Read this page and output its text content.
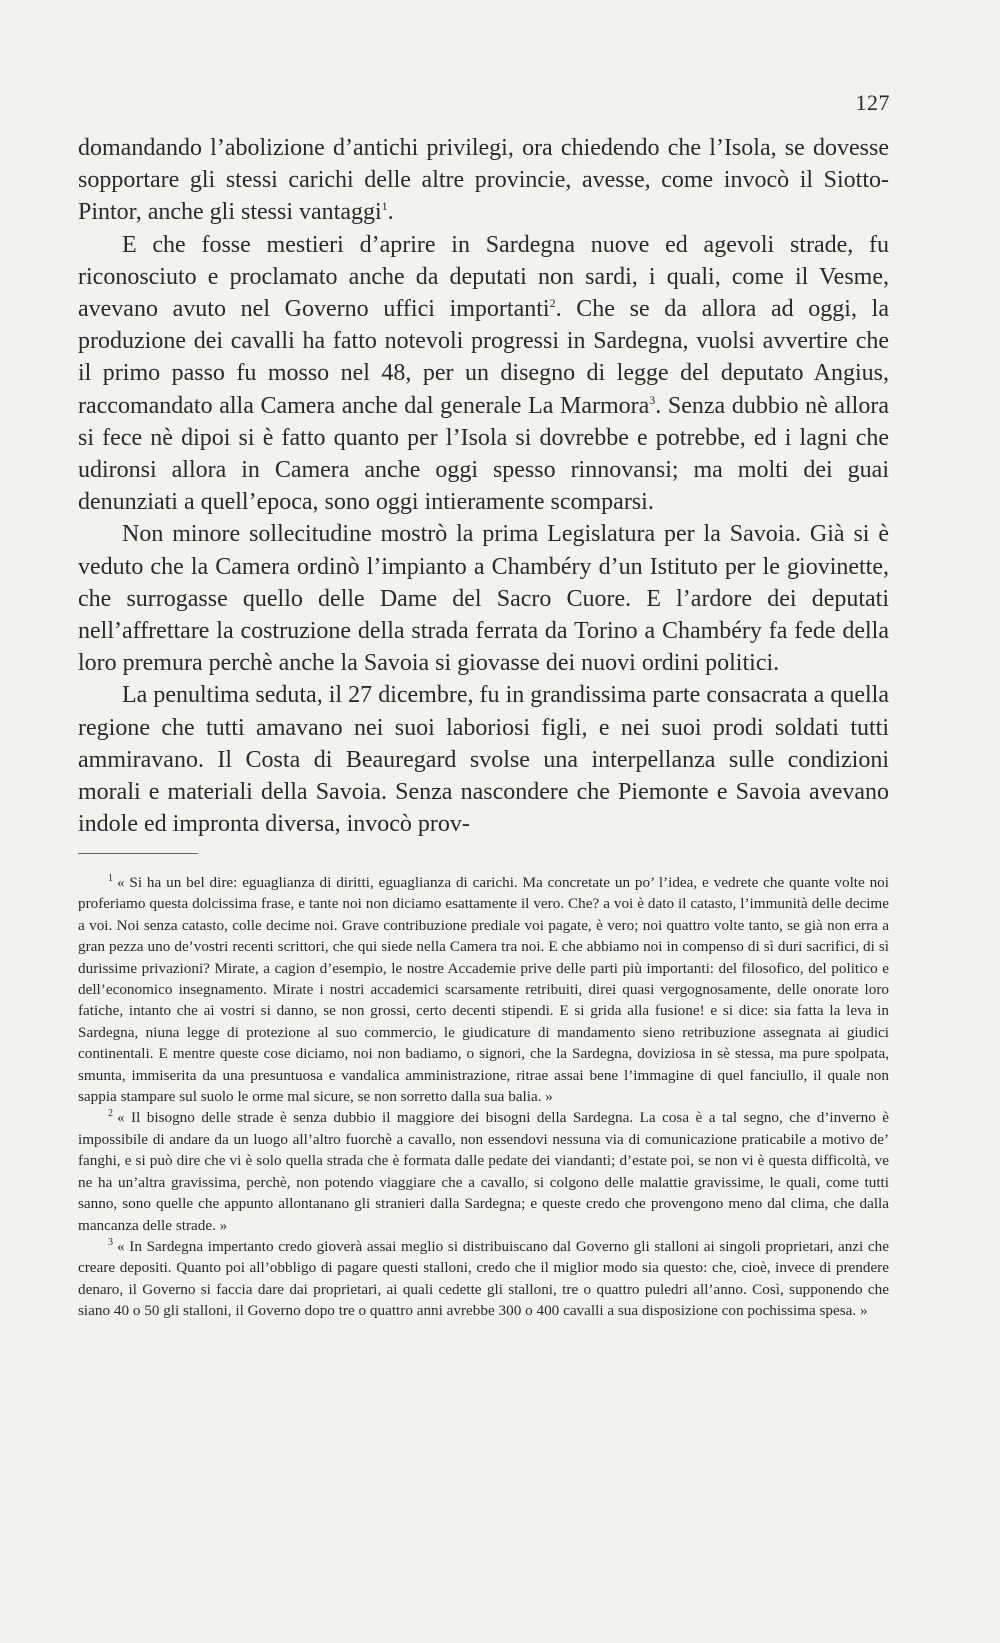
127

domandando l’abolizione d’antichi privilegi, ora chiedendo che l’Isola, se dovesse sopportare gli stessi carichi delle altre provincie, avesse, come invocò il Siotto-Pintor, anche gli stessi vantaggi$^1$.

E che fosse mestieri d’aprire in Sardegna nuove ed agevoli strade, fu riconosciuto e proclamato anche da deputati non sardi, i quali, come il Vesme, avevano avuto nel Governo uffici importanti$^2$. Che se da allora ad oggi, la produzione dei cavalli ha fatto notevoli progressi in Sardegna, vuolsi avvertire che il primo passo fu mosso nel 48, per un disegno di legge del deputato Angius, raccomandato alla Camera anche dal generale La Marmora$^3$. Senza dubbio nè allora si fece nè dipoi si è fatto quanto per l’Isola si dovrebbe e potrebbe, ed i lagni che udironsi allora in Camera anche oggi spesso rinnovansi; ma molti dei guai denunziati a quell’epoca, sono oggi intieramente scomparsi.

Non minore sollecitudine mostrò la prima Legislatura per la Savoia. Già si è veduto che la Camera ordinò l’impianto a Chambéry d’un Istituto per le giovinette, che surrogasse quello delle Dame del Sacro Cuore. E l’ardore dei deputati nell’affrettare la costruzione della strada ferrata da Torino a Chambéry fa fede della loro premura perchè anche la Savoia si giovasse dei nuovi ordini politici.

La penultima seduta, il 27 dicembre, fu in grandissima parte consacrata a quella regione che tutti amavano nei suoi laboriosi figli, e nei suoi prodi soldati tutti ammiravano. Il Costa di Beauregard svolse una interpellanza sulle condizioni morali e materiali della Savoia. Senza nascondere che Piemonte e Savoia avevano indole ed impronta diversa, invocò prov-

$^1$ « Si ha un bel dire: eguaglianza di diritti, eguaglianza di carichi. Ma concretate un po’ l’idea, e vedrete che quante volte noi proferiamo questa dolcissima frase, e tante noi non diciamo esattamente il vero. Che? a voi è dato il catasto, l’immunità delle decime a voi. Noi senza catasto, colle decime noi. Grave contribuzione prediale voi pagate, è vero; noi quattro volte tanto, se già non erra a gran pezza uno de’vostri recenti scrittori, che qui siede nella Camera tra noi. E che abbiamo noi in compenso di sì duri sacrifici, di sì durissime privazioni? Mirate, a cagion d’esempio, le nostre Accademie prive delle parti più importanti: del filosofico, del politico e dell’economico insegnamento. Mirate i nostri accademici scarsamente retribuiti, direi quasi vergognosamente, delle onorate loro fatiche, intanto che ai vostri si danno, se non grossi, certo decenti stipendi. E si grida alla fusione! e si dice: sia fatta la leva in Sardegna, niuna legge di protezione al suo commercio, le giudicature di mandamento sieno retribuzione assegnata ai giudici continentali. E mentre queste cose diciamo, noi non badiamo, o signori, che la Sardegna, doviziosa in sè stessa, ma pure spolpata, smunta, immiserita da una presuntuosa e vandalica amministrazione, ritrae assai bene l’immagine di quel fanciullo, il quale non sappia stampare sul suolo le orme mal sicure, se non sorretto dalla sua balia. »

$^2$ « Il bisogno delle strade è senza dubbio il maggiore dei bisogni della Sardegna. La cosa è a tal segno, che d’inverno è impossibile di andare da un luogo all’altro fuorchè a cavallo, non essendovi nessuna via di comunicazione praticabile a motivo de’ fanghi, e si può dire che vi è solo quella strada che è formata dalle pedate dei viandanti; d’estate poi, se non vi è questa difficoltà, ve ne ha un’altra gravissima, perchè, non potendo viaggiare che a cavallo, si colgono delle malattie gravissime, le quali, come tutti sanno, sono quelle che appunto allontanano gli stranieri dalla Sardegna; e queste credo che provengono meno dal clima, che dalla mancanza delle strade. »

$^3$ « In Sardegna impertanto credo gioverà assai meglio si distribuiscano dal Governo gli stalloni ai singoli proprietari, anzi che creare depositi. Quanto poi all’obbligo di pagare questi stalloni, credo che il miglior modo sia questo: che, cioè, invece di prendere denaro, il Governo si faccia dare dai proprietari, ai quali cedette gli stalloni, tre o quattro puledri all’anno. Così, supponendo che siano 40 o 50 gli stalloni, il Governo dopo tre o quattro anni avrebbe 300 o 400 cavalli a sua disposizione con pochissima spesa. »
